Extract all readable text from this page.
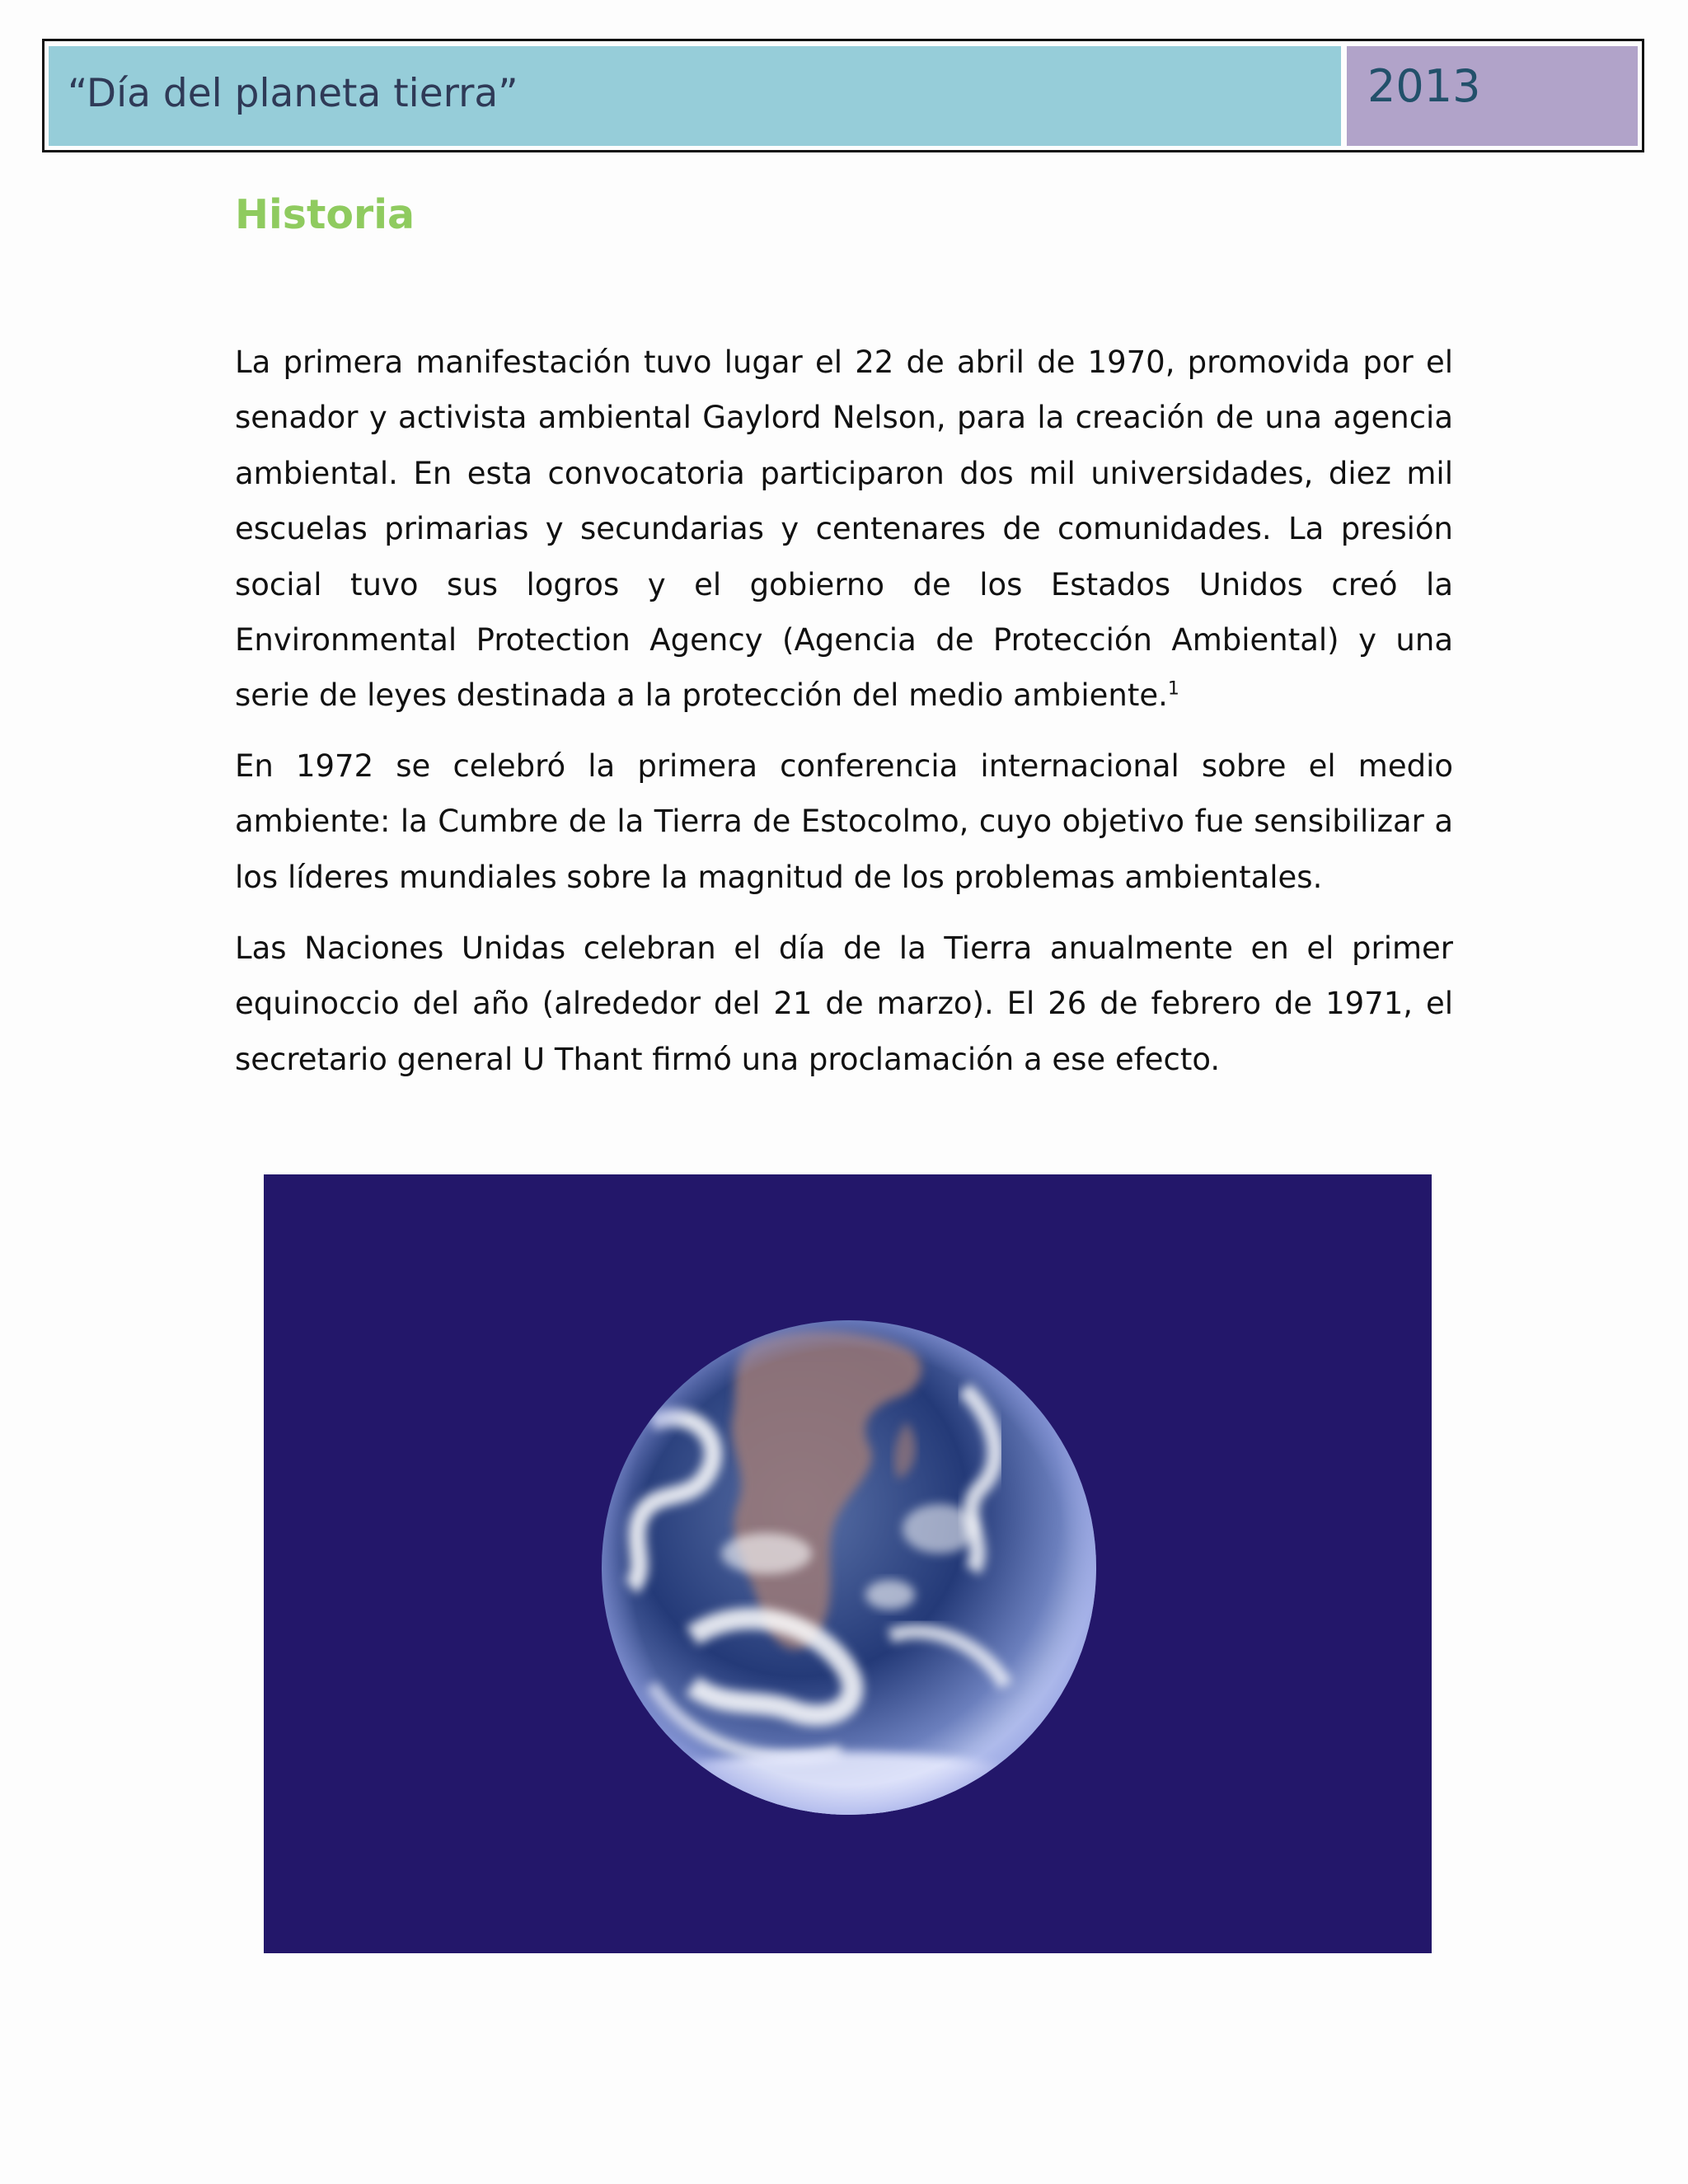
“Día del planeta tierra”	2013
Historia

La primera manifestación tuvo lugar el 22 de abril de 1970, promovida por el senador y activista ambiental Gaylord Nelson, para la creación de una agencia ambiental. En esta convocatoria participaron dos mil universidades, diez mil escuelas primarias y secundarias y centenares de comunidades. La presión social tuvo sus logros y el gobierno de los Estados Unidos creó la Environmental Protection Agency (Agencia de Protección Ambiental) y una serie de leyes destinada a la protección del medio ambiente.$^1$

En 1972 se celebró la primera conferencia internacional sobre el medio ambiente: la Cumbre de la Tierra de Estocolmo, cuyo objetivo fue sensibilizar a los líderes mundiales sobre la magnitud de los problemas ambientales.

Las Naciones Unidas celebran el día de la Tierra anualmente en el primer equinoccio del año (alrededor del 21 de marzo). El 26 de febrero de 1971, el secretario general U Thant firmó una proclamación a ese efecto.
